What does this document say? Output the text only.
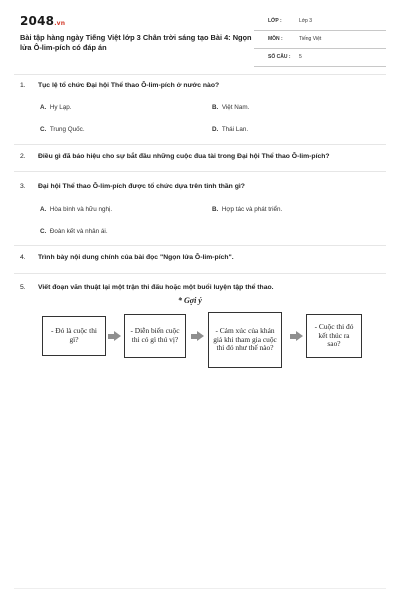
2048.vn
Bài tập hàng ngày Tiếng Việt lớp 3 Chân trời sáng tạo Bài 4: Ngọn lửa Ô-lim-pích có đáp án
LỚP :	Lớp 3
MÔN :	Tiếng Việt
SỐ CÂU : 5
1. Tục lệ tổ chức Đại hội Thể thao Ô-lim-pích ở nước nào?
A. Hy Lạp.	B. Việt Nam.
C. Trung Quốc.	D. Thái Lan.
2. Điều gì đã báo hiệu cho sự bắt đầu những cuộc đua tài trong Đại hội Thể thao Ô-lim-pích?
3. Đại hội Thể thao Ô-lim-pích được tổ chức dựa trên tinh thần gì?
A. Hòa bình và hữu nghị.	B. Hợp tác và phát triển.
C. Đoàn kết và nhân ái.
4. Trình bày nội dung chính của bài đọc "Ngọn lửa Ô-lim-pích".
5. Viết đoạn văn thuật lại một trận thi đấu hoặc một buổi luyện tập thể thao.
* Gợi ý
- Đó là cuộc thi gì?
- Diễn biến cuộc thi có gì thú vị?
- Cảm xúc của khán giả khi tham gia cuộc thi đó như thế nào?
- Cuộc thi đó kết thúc ra sao?
